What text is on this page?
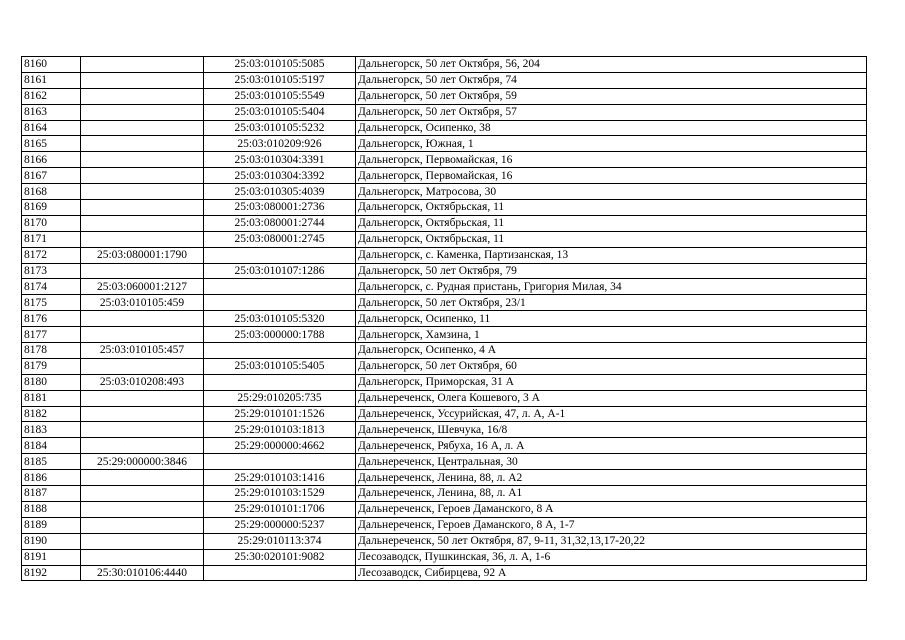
8160		25:03:010105:5085	Дальнегорск, 50 лет Октября, 56, 204
8161		25:03:010105:5197	Дальнегорск, 50 лет Октября, 74
8162		25:03:010105:5549	Дальнегорск, 50 лет Октября, 59
8163		25:03:010105:5404	Дальнегорск, 50 лет Октября, 57
8164		25:03:010105:5232	Дальнегорск, Осипенко, 38
8165		25:03:010209:926	Дальнегорск, Южная, 1
8166		25:03:010304:3391	Дальнегорск, Первомайская, 16
8167		25:03:010304:3392	Дальнегорск, Первомайская, 16
8168		25:03:010305:4039	Дальнегорск, Матросова, 30
8169		25:03:080001:2736	Дальнегорск, Октябрьская, 11
8170		25:03:080001:2744	Дальнегорск, Октябрьская, 11
8171		25:03:080001:2745	Дальнегорск, Октябрьская, 11
8172	25:03:080001:1790		Дальнегорск, с. Каменка, Партизанская, 13
8173		25:03:010107:1286	Дальнегорск, 50 лет Октября, 79
8174	25:03:060001:2127		Дальнегорск, с. Рудная пристань, Григория Милая, 34
8175	25:03:010105:459		Дальнегорск, 50 лет Октября, 23/1
8176		25:03:010105:5320	Дальнегорск, Осипенко, 11
8177		25:03:000000:1788	Дальнегорск, Хамзина, 1
8178	25:03:010105:457		Дальнегорск, Осипенко, 4 А
8179		25:03:010105:5405	Дальнегорск, 50 лет Октября, 60
8180	25:03:010208:493		Дальнегорск, Приморская, 31 А
8181		25:29:010205:735	Дальнереченск, Олега Кошевого, 3 А
8182		25:29:010101:1526	Дальнереченск, Уссурийская, 47, л. А, А-1
8183		25:29:010103:1813	Дальнереченск, Шевчука, 16/8
8184		25:29:000000:4662	Дальнереченск, Рябуха, 16 А, л. А
8185	25:29:000000:3846		Дальнереченск, Центральная, 30
8186		25:29:010103:1416	Дальнереченск, Ленина, 88, л. А2
8187		25:29:010103:1529	Дальнереченск, Ленина, 88, л. А1
8188		25:29:010101:1706	Дальнереченск, Героев Даманского, 8 А
8189		25:29:000000:5237	Дальнереченск, Героев Даманского, 8 А, 1-7
8190		25:29:010113:374	Дальнереченск, 50 лет Октября, 87, 9-11, 31,32,13,17-20,22
8191		25:30:020101:9082	Лесозаводск, Пушкинская, 36, л. А, 1-6
8192	25:30:010106:4440		Лесозаводск, Сибирцева, 92 А
